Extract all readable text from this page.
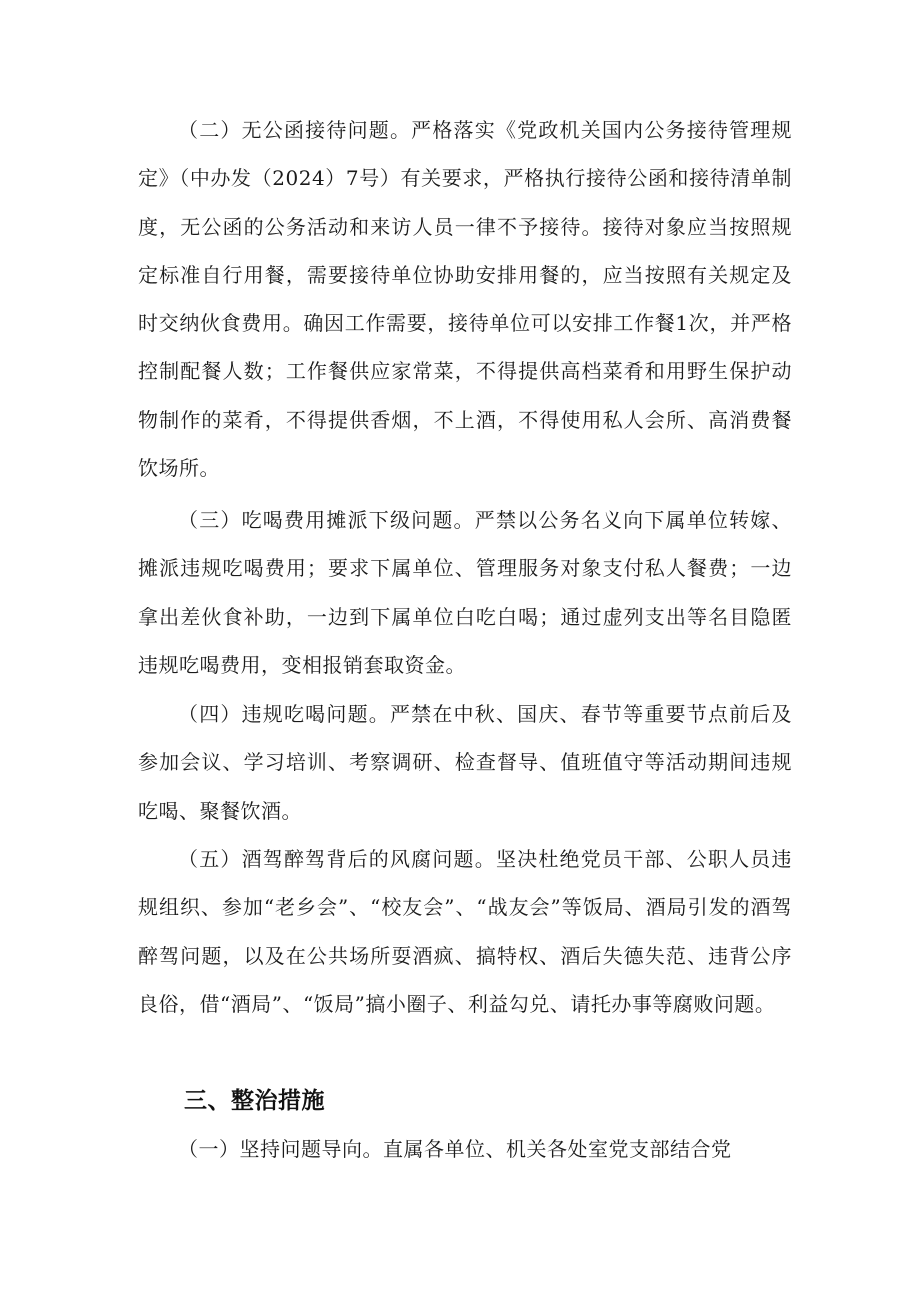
（二）无公函接待问题。严格落实《党政机关国内公务接待管理规定》（中办发（2024）7号）有关要求，严格执行接待公函和接待清单制度，无公函的公务活动和来访人员一律不予接待。接待对象应当按照规定标准自行用餐，需要接待单位协助安排用餐的，应当按照有关规定及时交纳伙食费用。确因工作需要，接待单位可以安排工作餐1次，并严格控制配餐人数；工作餐供应家常菜，不得提供高档菜肴和用野生保护动物制作的菜肴，不得提供香烟，不上酒，不得使用私人会所、高消费餐饮场所。

（三）吃喝费用摊派下级问题。严禁以公务名义向下属单位转嫁、摊派违规吃喝费用；要求下属单位、管理服务对象支付私人餐费；一边拿出差伙食补助，一边到下属单位白吃白喝；通过虚列支出等名目隐匿违规吃喝费用，变相报销套取资金。

（四）违规吃喝问题。严禁在中秋、国庆、春节等重要节点前后及参加会议、学习培训、考察调研、检查督导、值班值守等活动期间违规吃喝、聚餐饮酒。

（五）酒驾醉驾背后的风腐问题。坚决杜绝党员干部、公职人员违规组织、参加“老乡会”、“校友会”、“战友会”等饭局、酒局引发的酒驾醉驾问题，以及在公共场所耍酒疯、搞特权、酒后失德失范、违背公序良俗，借“酒局”、“饭局”搞小圈子、利益勾兑、请托办事等腐败问题。

三、整治措施

（一）坚持问题导向。直属各单位、机关各处室党支部结合党
